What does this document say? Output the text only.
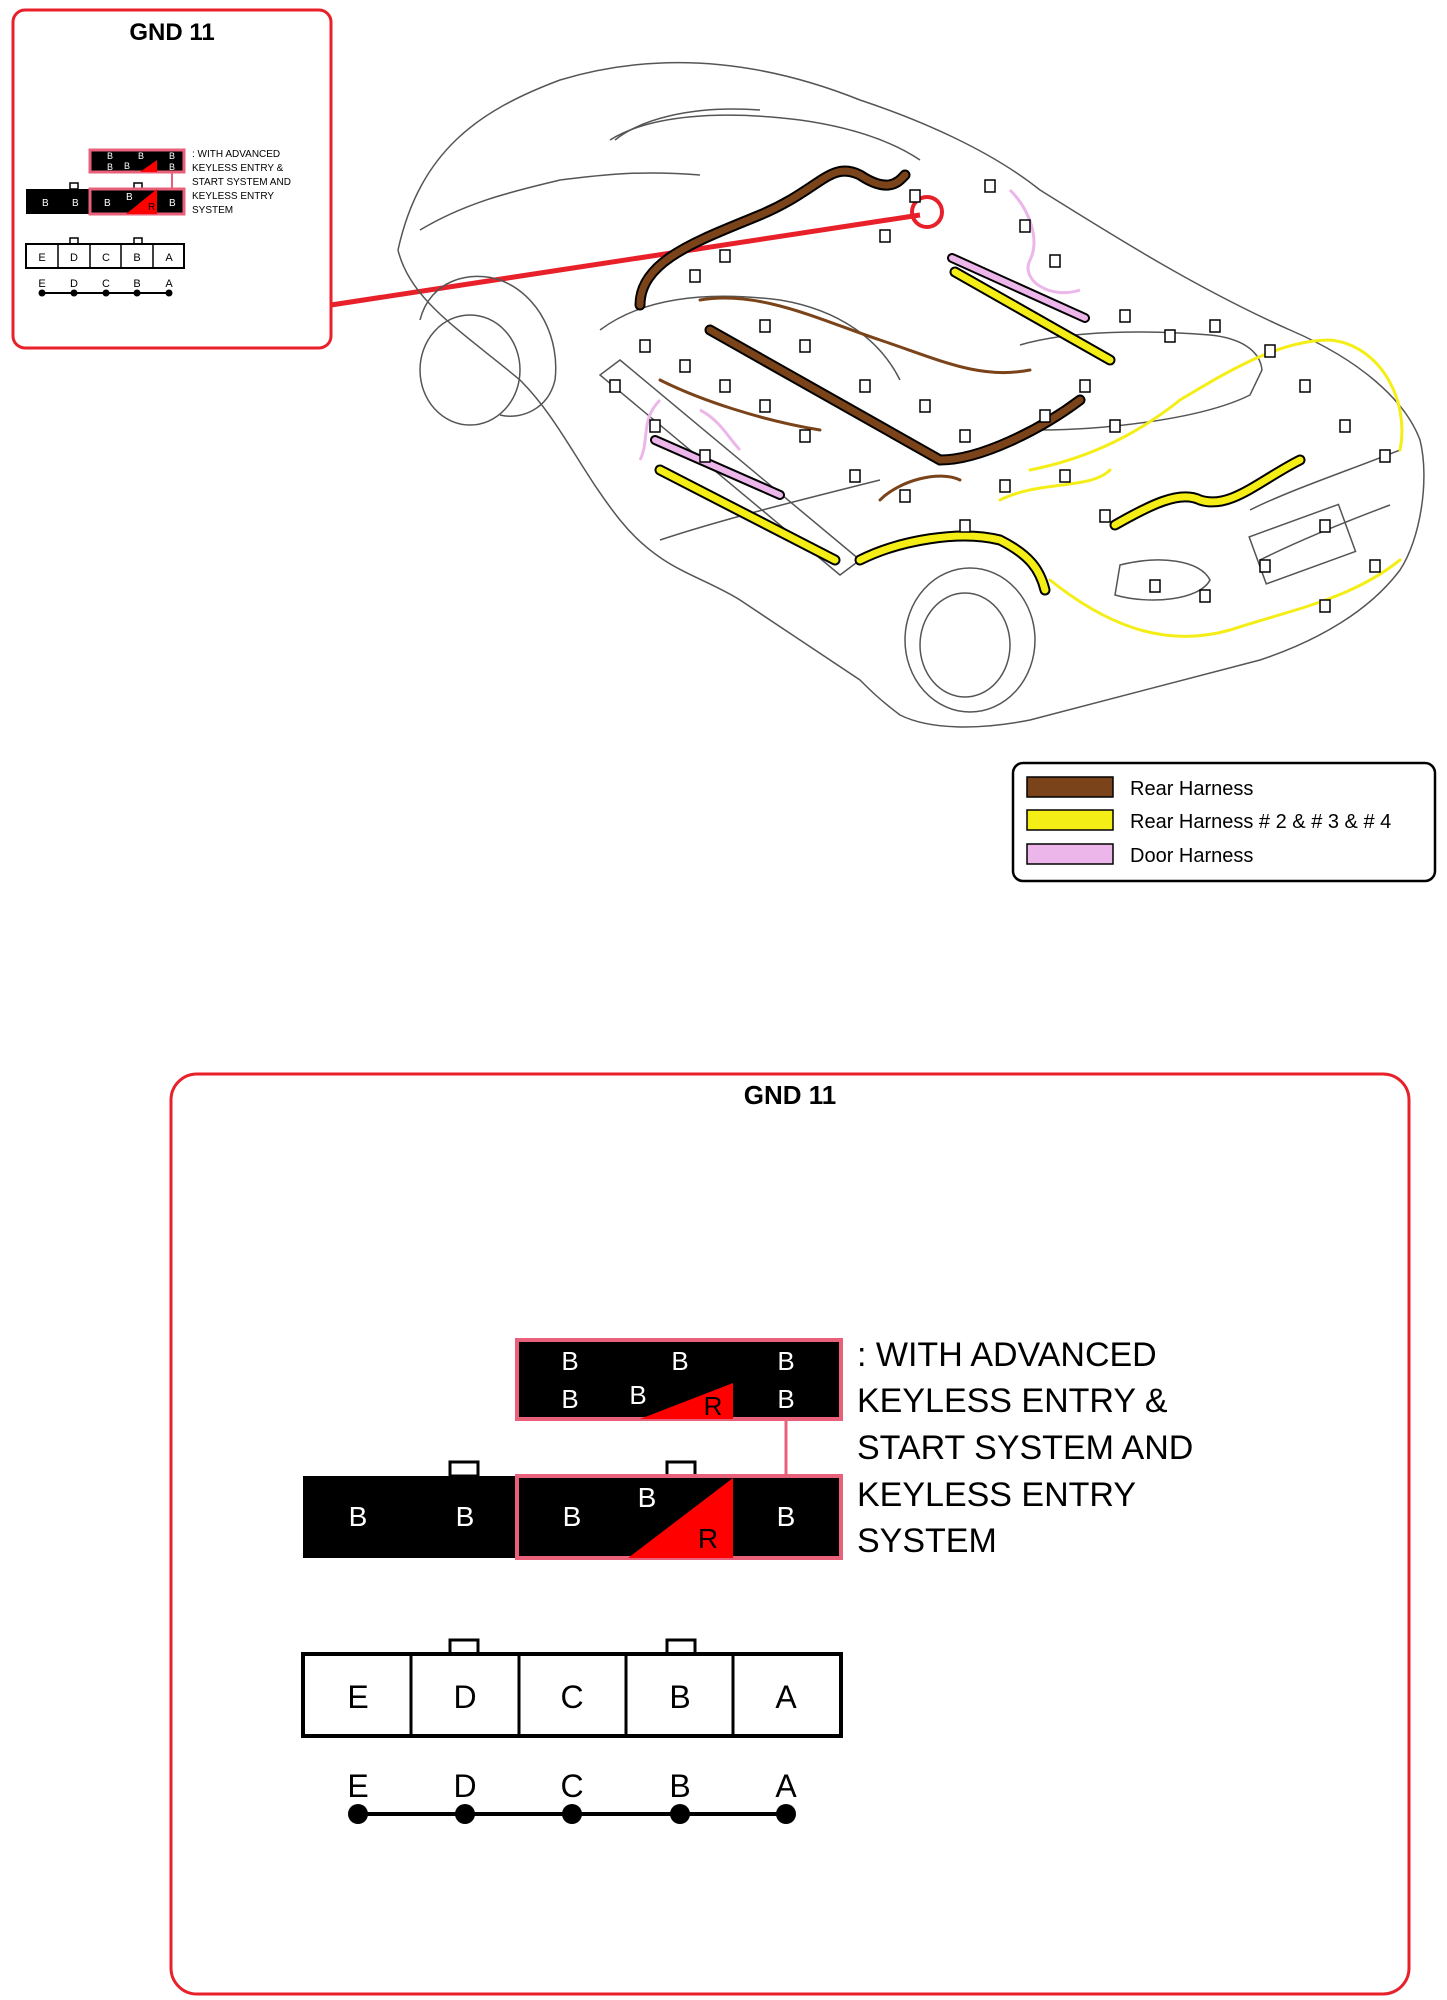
GND 11
B	B	B
B B	B
B B	B
B
R B
: WITH ADVANCED
KEYLESS ENTRY &
START SYSTEM AND
KEYLESS ENTRY
SYSTEM
E D C B A
E D C B A
Rear Harness
Rear Harness # 2 & # 3 & # 4
Door Harness
GND 11
B	B	B
B B R B
B	B	B
B
R
B
: WITH ADVANCED
KEYLESS ENTRY &
START SYSTEM AND
KEYLESS ENTRY
SYSTEM
E	D	C	B	A
E	D	C	B	A
